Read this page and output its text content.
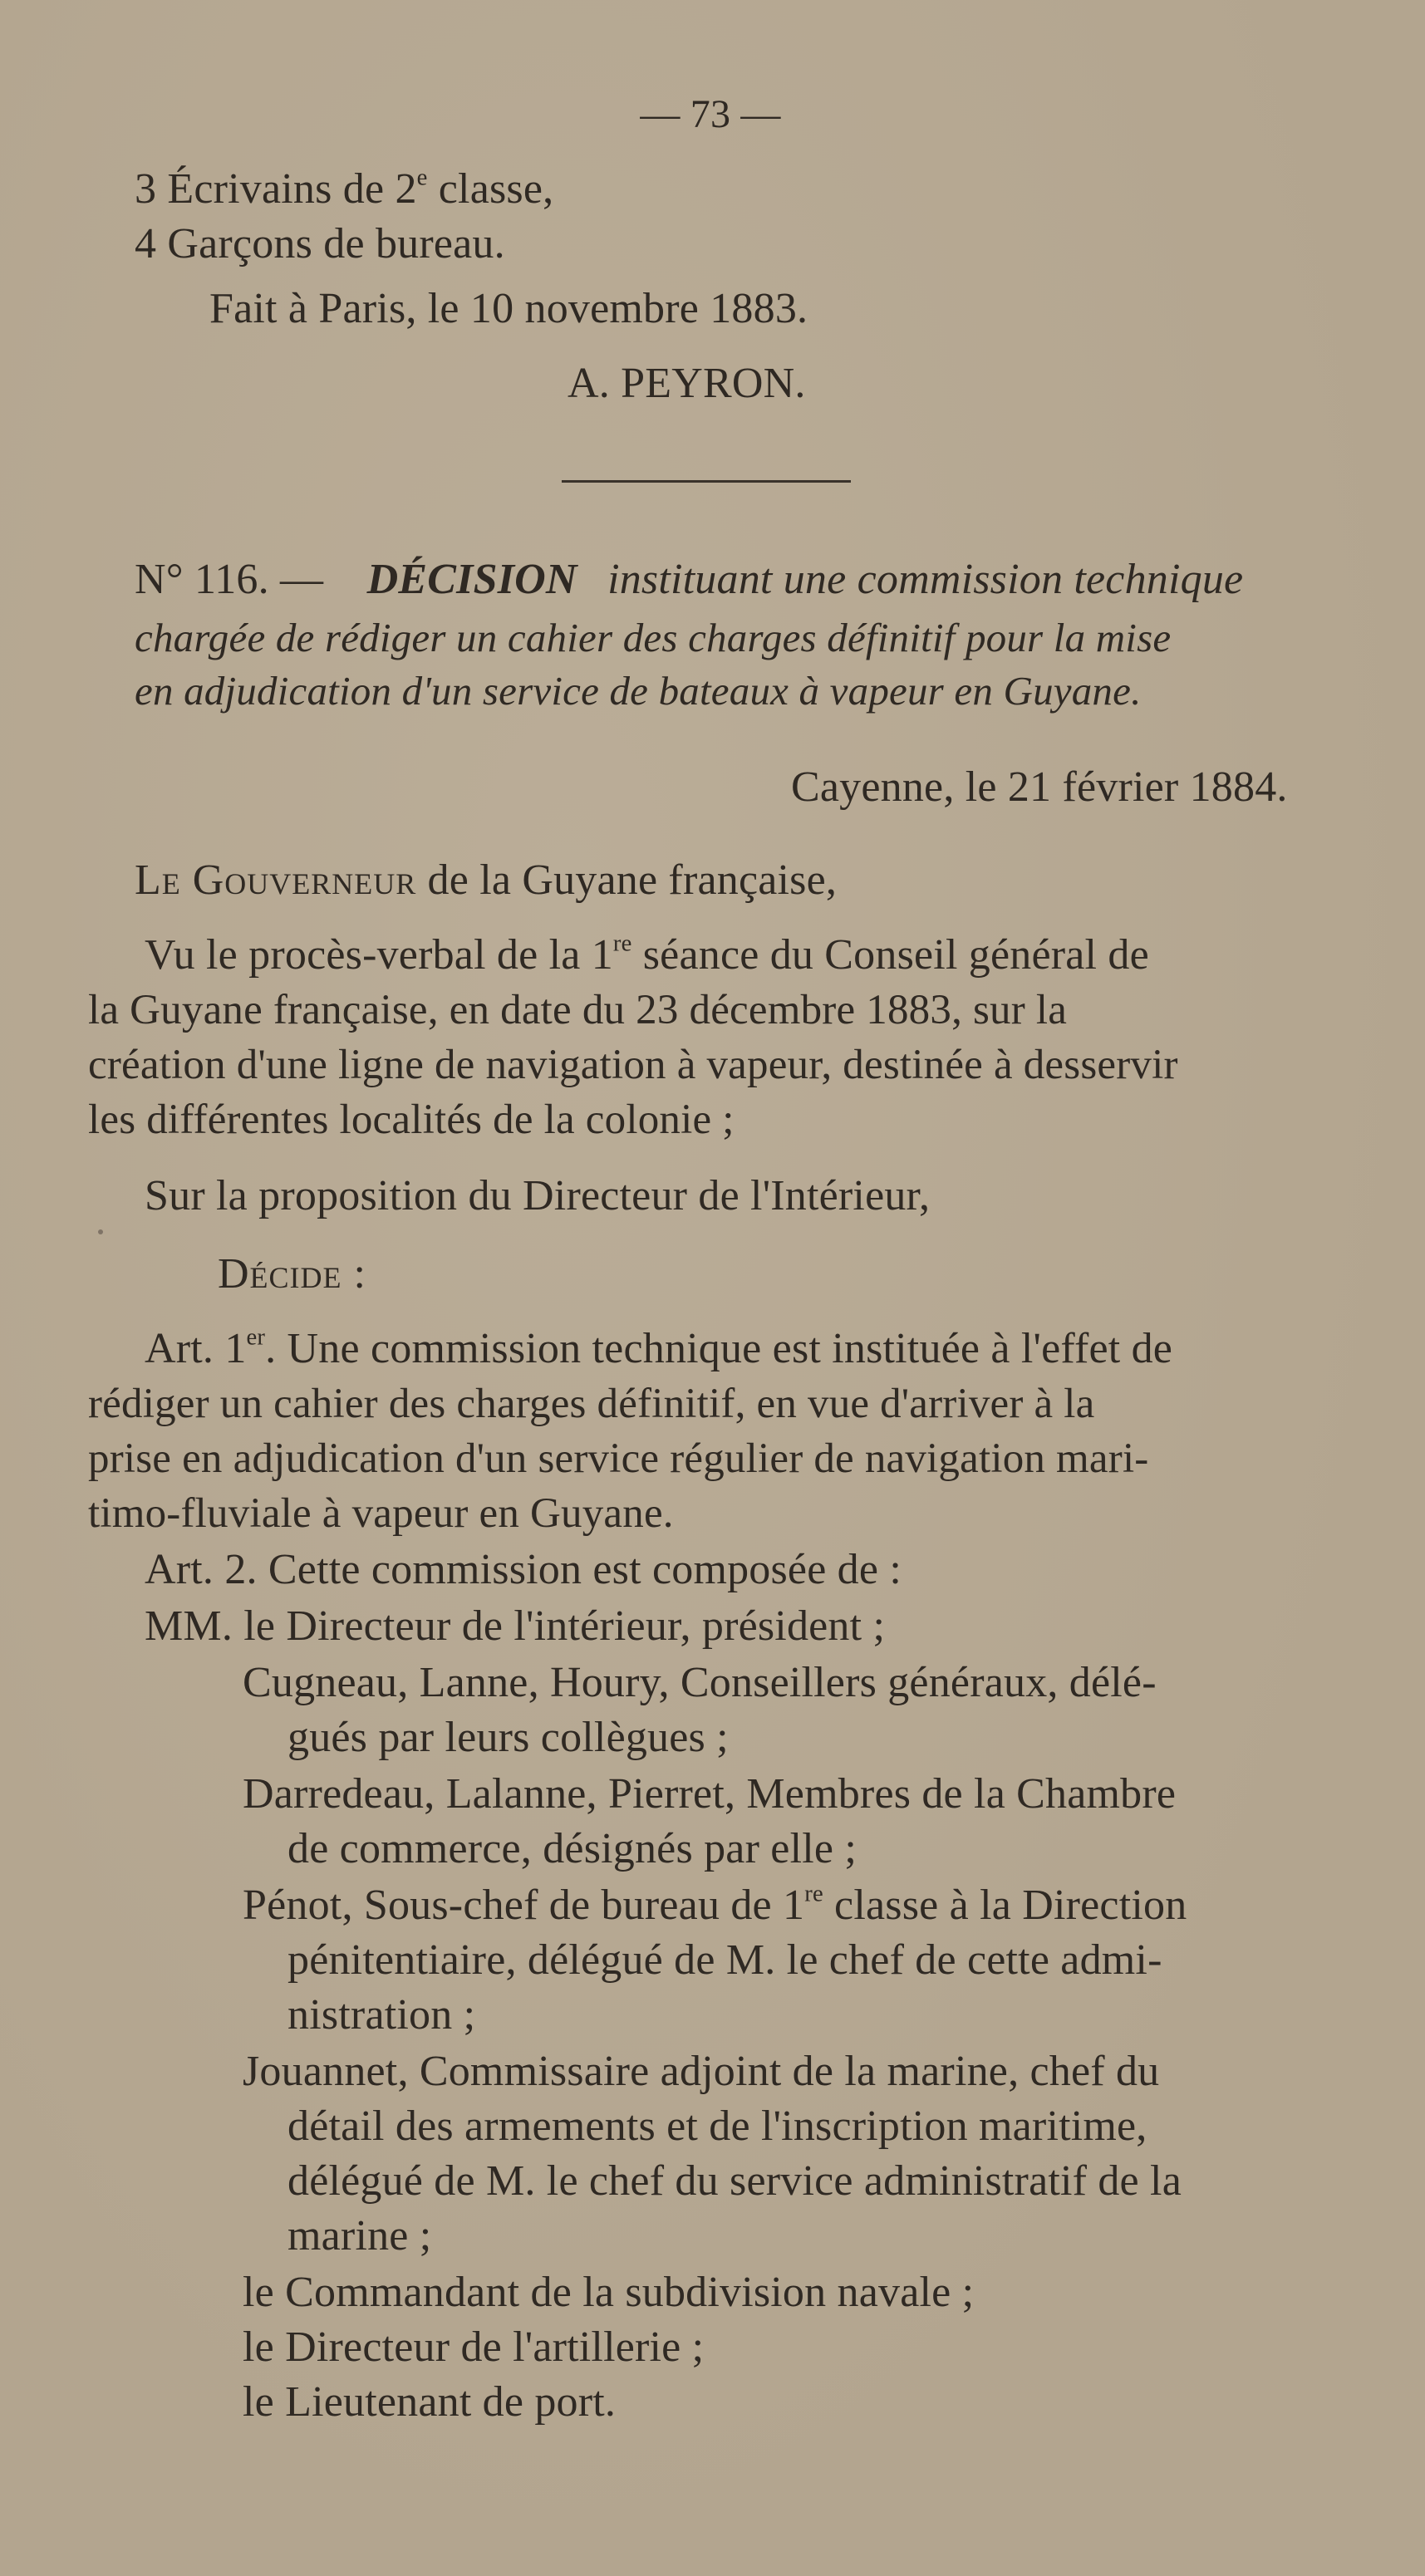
— 73 —
3 Écrivains de 2e classe,
4 Garçons de bureau.
Fait à Paris, le 10 novembre 1883.
A. PEYRON.
N° 116. — DÉCISION instituant une commission technique
chargée de rédiger un cahier des charges définitif pour la mise
en adjudication d'un service de bateaux à vapeur en Guyane.
Cayenne, le 21 février 1884.
Le Gouverneur de la Guyane française,
Vu le procès-verbal de la 1re séance du Conseil général de
la Guyane française, en date du 23 décembre 1883, sur la
création d'une ligne de navigation à vapeur, destinée à desservir
les différentes localités de la colonie ;
Sur la proposition du Directeur de l'Intérieur,
Décide :
Art. 1er. Une commission technique est instituée à l'effet de
rédiger un cahier des charges définitif, en vue d'arriver à la
prise en adjudication d'un service régulier de navigation mari-
timo-fluviale à vapeur en Guyane.
Art. 2. Cette commission est composée de :
MM. le Directeur de l'intérieur, président ;
Cugneau, Lanne, Houry, Conseillers généraux, délé-
gués par leurs collègues ;
Darredeau, Lalanne, Pierret, Membres de la Chambre
de commerce, désignés par elle ;
Pénot, Sous-chef de bureau de 1re classe à la Direction
pénitentiaire, délégué de M. le chef de cette admi-
nistration ;
Jouannet, Commissaire adjoint de la marine, chef du
détail des armements et de l'inscription maritime,
délégué de M. le chef du service administratif de la
marine ;
le Commandant de la subdivision navale ;
le Directeur de l'artillerie ;
le Lieutenant de port.
